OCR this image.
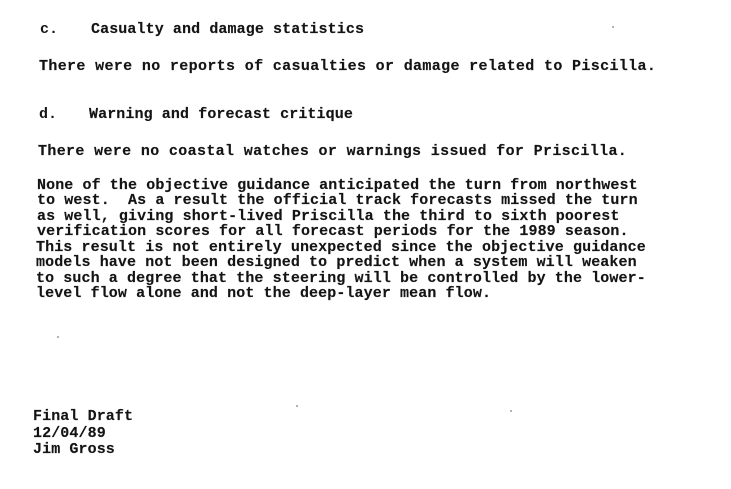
c. Casualty and damage statistics
There were no reports of casualties or damage related to Piscilla.
d. Warning and forecast critique
There were no coastal watches or warnings issued for Priscilla.
None of the objective guidance anticipated the turn from northwest
to west.  As a result the official track forecasts missed the turn
as well, giving short-lived Priscilla the third to sixth poorest
verification scores for all forecast periods for the 1989 season.
This result is not entirely unexpected since the objective guidance
models have not been designed to predict when a system will weaken
to such a degree that the steering will be controlled by the lower-
level flow alone and not the deep-layer mean flow.
Final Draft
12/04/89
Jim Gross
